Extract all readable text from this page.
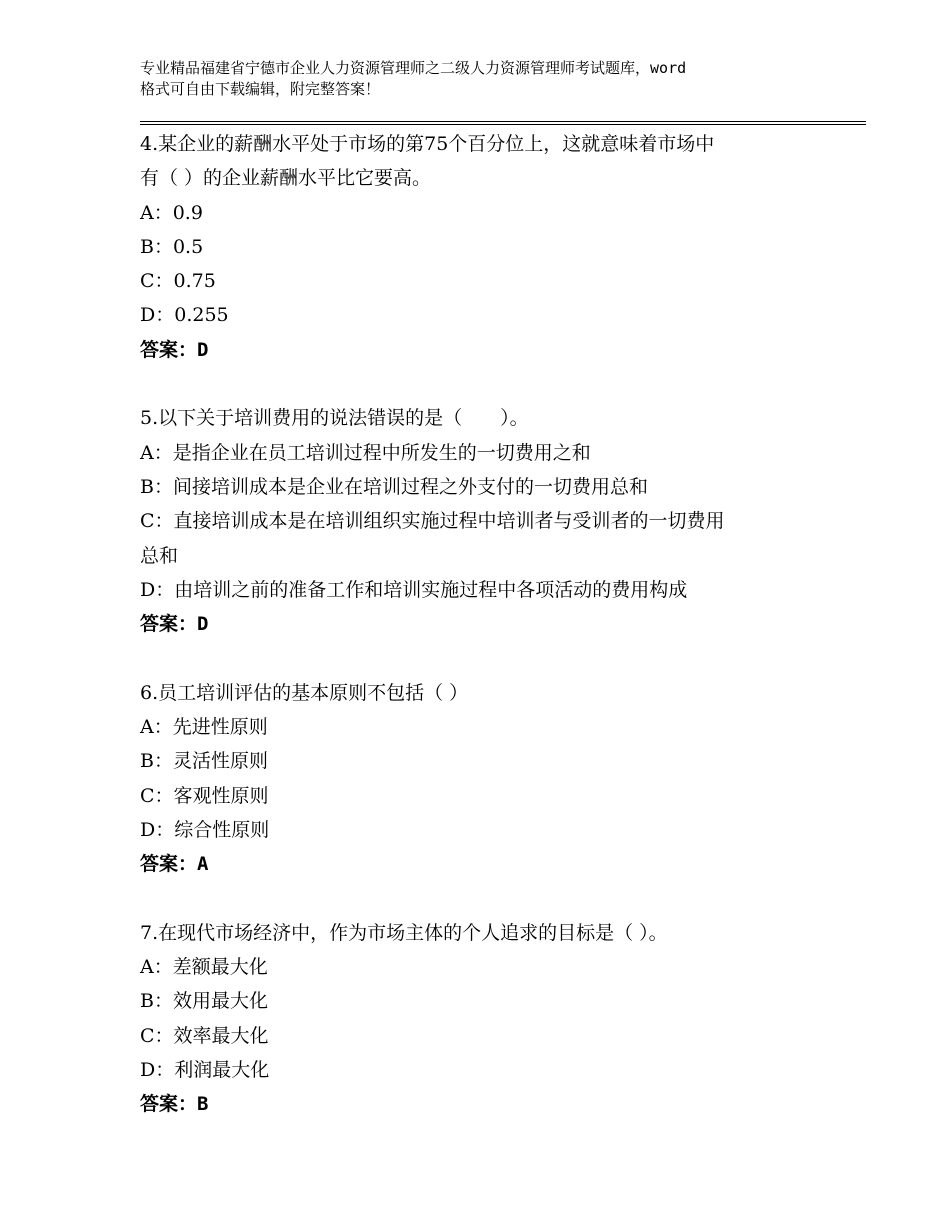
专业精品福建省宁德市企业人力资源管理师之二级人力资源管理师考试题库，word
格式可自由下载编辑，附完整答案！
4.某企业的薪酬水平处于市场的第75个百分位上，这就意味着市场中
有（ ）的企业薪酬水平比它要高。
A：0.9
B：0.5
C：0.75
D：0.255
答案：D
5.以下关于培训费用的说法错误的是（　　）。
A：是指企业在员工培训过程中所发生的一切费用之和
B：间接培训成本是企业在培训过程之外支付的一切费用总和
C：直接培训成本是在培训组织实施过程中培训者与受训者的一切费用
总和
D：由培训之前的准备工作和培训实施过程中各项活动的费用构成
答案：D
6.员工培训评估的基本原则不包括（ ）
A：先进性原则
B：灵活性原则
C：客观性原则
D：综合性原则
答案：A
7.在现代市场经济中，作为市场主体的个人追求的目标是（ ）。
A：差额最大化
B：效用最大化
C：效率最大化
D：利润最大化
答案：B
